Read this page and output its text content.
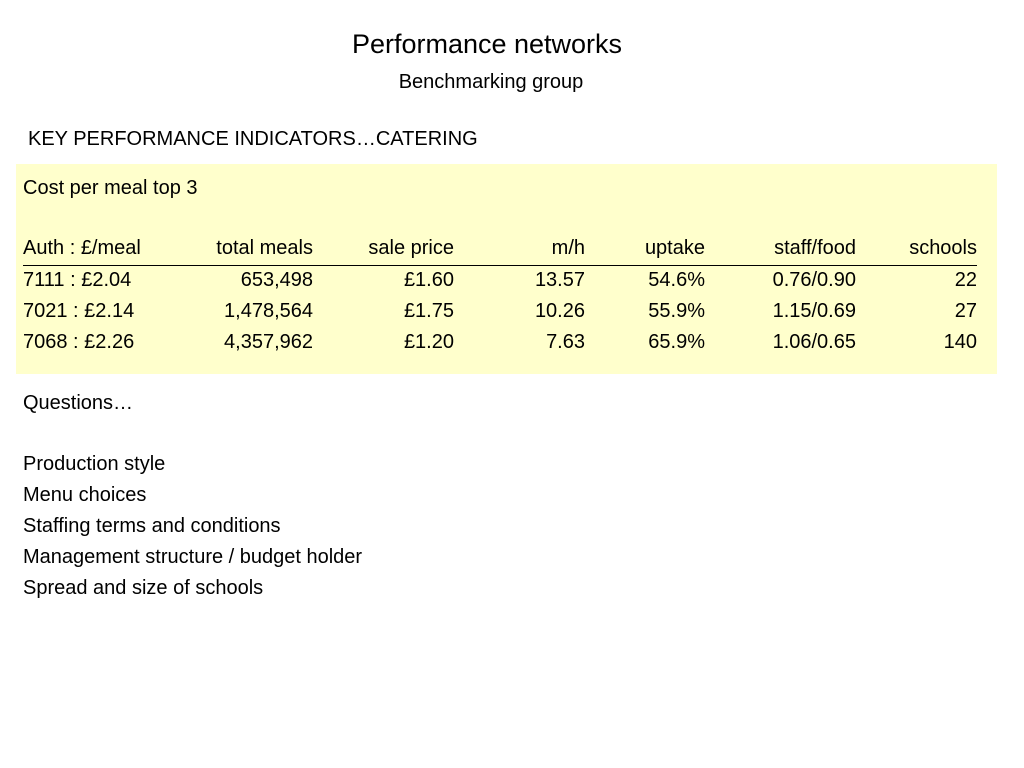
Performance networks
Benchmarking group
KEY PERFORMANCE INDICATORS…CATERING
Cost per meal top 3
Auth : £/meal	total meals	sale price	m/h	uptake	staff/food	schools
7111 : £2.04	653,498	£1.60	13.57	54.6%	0.76/0.90	22
7021 : £2.14	1,478,564	£1.75	10.26	55.9%	1.15/0.69	27
7068 : £2.26	4,357,962	£1.20	7.63	65.9%	1.06/0.65	140
Questions…
Production style
Menu choices
Staffing terms and conditions
Management structure / budget holder
Spread and size of schools
